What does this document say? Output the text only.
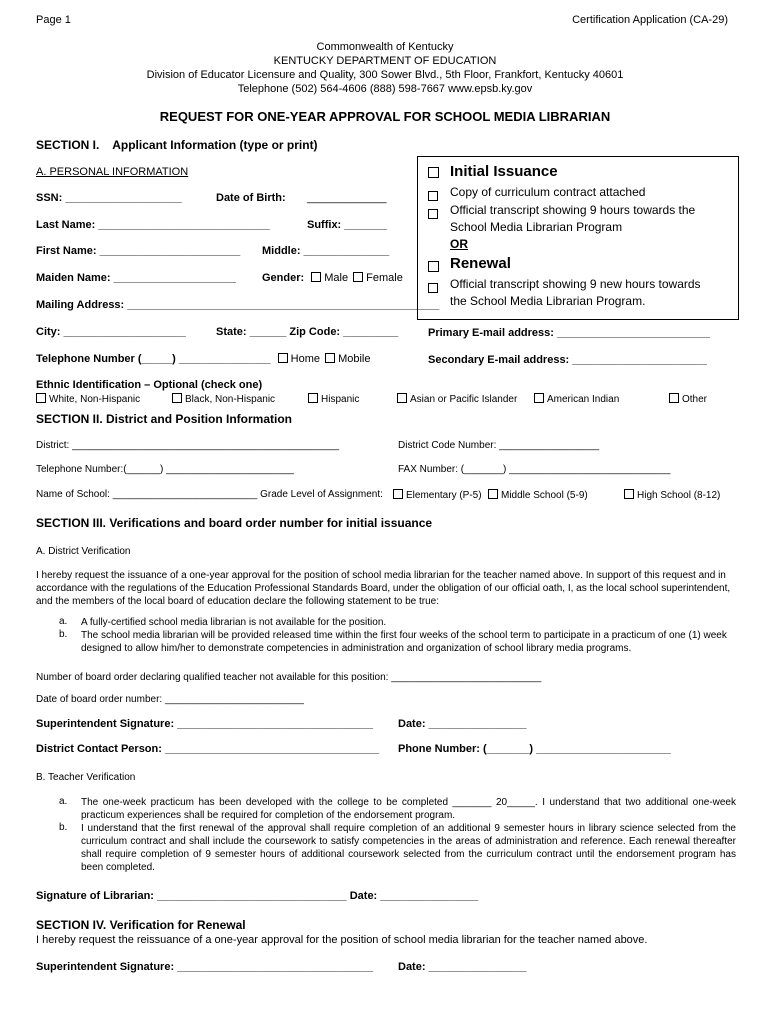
Page 1	Certification Application (CA-29)
Commonwealth of Kentucky
KENTUCKY DEPARTMENT OF EDUCATION
Division of Educator Licensure and Quality, 300 Sower Blvd., 5th Floor, Frankfort, Kentucky 40601
Telephone (502) 564-4606 (888) 598-7667 www.epsb.ky.gov
REQUEST FOR ONE-YEAR APPROVAL FOR SCHOOL MEDIA LIBRARIAN
SECTION I.    Applicant Information (type or print)
A. PERSONAL INFORMATION
SSN: ___________________	Date of Birth: _____________
Last Name: ____________________________	Suffix: _______
First Name: _______________________ Middle: ______________
Maiden Name: ____________________ Gender: Male Female
Mailing Address: ___________________________________________________
City: ____________________	State: ______ Zip Code: _________
Telephone Number (_____) _______________ Home Mobile
Primary E-mail address: _________________________
Secondary E-mail address: ______________________
Ethnic Identification – Optional (check one)
White, Non-Hispanic	Black, Non-Hispanic	Hispanic	Asian or Pacific Islander	American Indian	Other
Initial Issuance
Copy of curriculum contract attached
Official transcript showing 9 hours towards the
School Media Librarian Program
OR
Renewal
Official transcript showing 9 new hours towards
the School Media Librarian Program.
SECTION II. District and Position Information
District: ________________________________________________	District Code Number: __________________
Telephone Number:(______) _______________________	FAX Number: (_______) _____________________________
Name of School: __________________________ Grade Level of Assignment:	Elementary (P-5)	Middle School (5-9)	High School (8-12)
SECTION III. Verifications and board order number for initial issuance
A. District Verification
I hereby request the issuance of a one-year approval for the position of school media librarian for the teacher named above. In support of this request and in accordance with the regulations of the Education Professional Standards Board, under the obligation of our official oath, I, as the local school superintendent, and the members of the local board of education declare the following statement to be true:
a. A fully-certified school media librarian is not available for the position.
b. The school media librarian will be provided released time within the first four weeks of the school term to participate in a practicum of one (1) week designed to allow him/her to demonstrate competencies in administration and organization of school library media programs.
Number of board order declaring qualified teacher not available for this position: ___________________________
Date of board order number: _________________________
Superintendent Signature: ________________________________ Date: ________________
District Contact Person: ___________________________________ Phone Number: (_______) ______________________
B. Teacher Verification
a. The one-week practicum has been developed with the college to be completed _______ 20_____. I understand that two additional one-week practicum experiences shall be required for completion of the endorsement program.
b. I understand that the first renewal of the approval shall require completion of an additional 9 semester hours in library science selected from the curriculum contract and shall include the coursework to satisfy competencies in the areas of administration and reference. Each renewal thereafter shall require completion of 9 semester hours of additional coursework selected from the curriculum contract until the endorsement program has been completed.
Signature of Librarian: _______________________________ Date: ________________
SECTION IV. Verification for Renewal
I hereby request the reissuance of a one-year approval for the position of school media librarian for the teacher named above.
Superintendent Signature: ________________________________ Date: ________________
